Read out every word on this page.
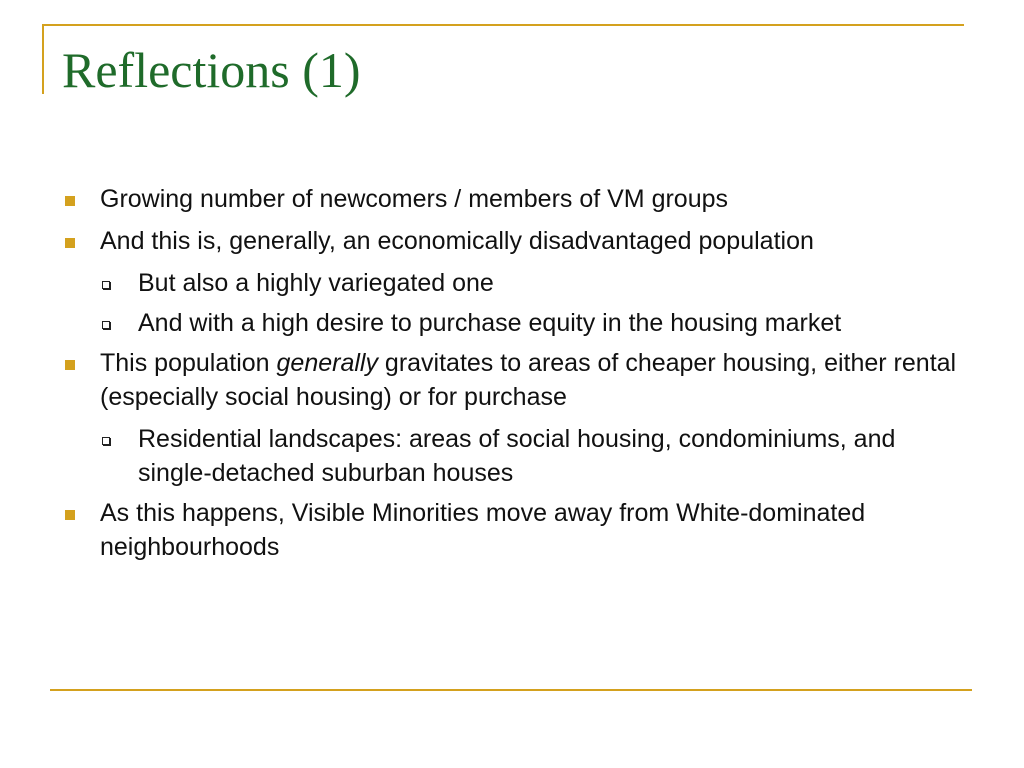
Reflections (1)
Growing number of newcomers / members of VM groups
And this is, generally, an economically disadvantaged population
But also a highly variegated one
And with a high desire to purchase equity in the housing market
This population generally gravitates to areas of cheaper housing, either rental (especially social housing) or for purchase
Residential landscapes: areas of social housing, condominiums, and single-detached suburban houses
As this happens, Visible Minorities move away from White-dominated neighbourhoods
